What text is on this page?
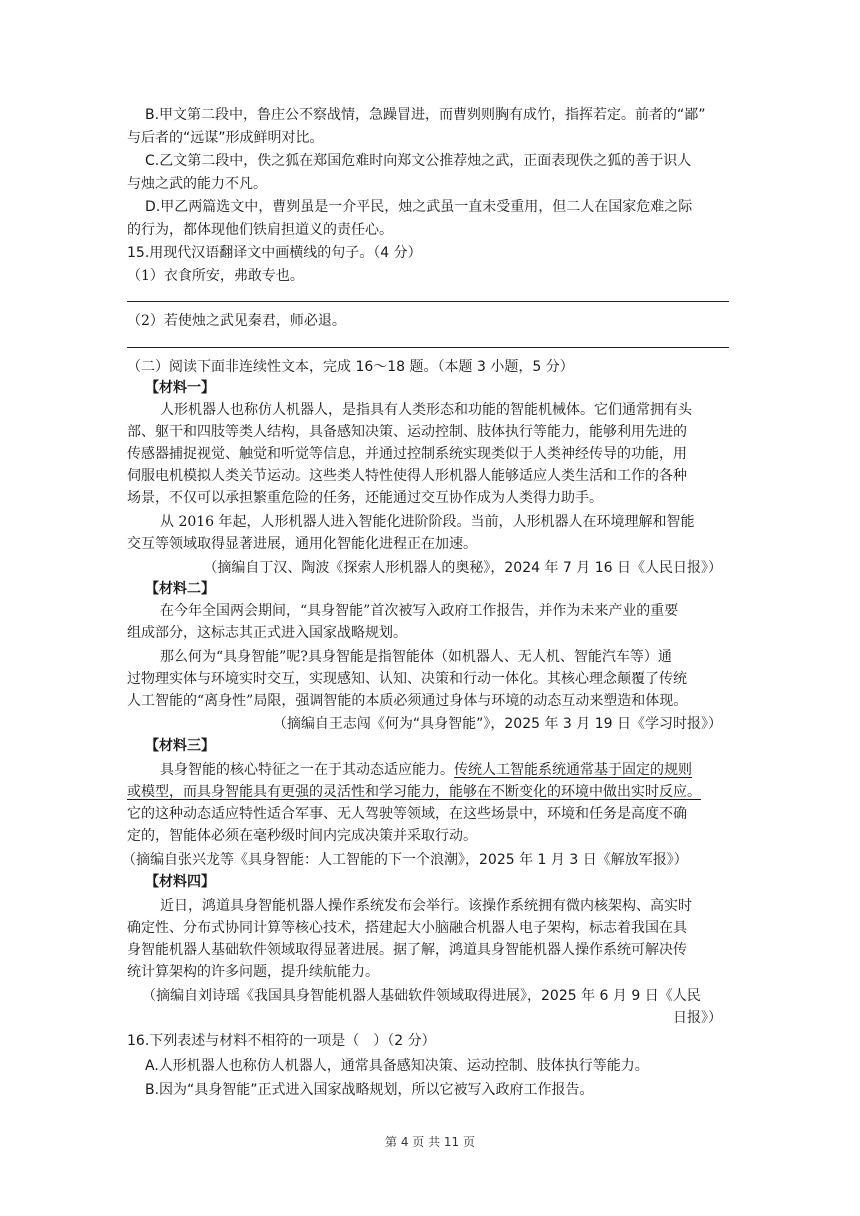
B.甲文第二段中，鲁庄公不察战情，急躁冒进，而曹刿则胸有成竹，指挥若定。前者的“鄙”
与后者的“远谋”形成鲜明对比。
C.乙文第二段中，佚之狐在郑国危难时向郑文公推荐烛之武，正面表现佚之狐的善于识人
与烛之武的能力不凡。
D.甲乙两篇选文中，曹刿虽是一介平民，烛之武虽一直未受重用，但二人在国家危难之际
的行为，都体现他们铁肩担道义的责任心。
15.用现代汉语翻译文中画横线的句子。（4 分）
（1）衣食所安，弗敢专也。
（2）若使烛之武见秦君，师必退。
（二）阅读下面非连续性文本，完成 16～18 题。（本题 3 小题，5 分）
【材料一】
人形机器人也称仿人机器人，是指具有人类形态和功能的智能机械体。它们通常拥有头
部、躯干和四肢等类人结构，具备感知决策、运动控制、肢体执行等能力，能够利用先进的
传感器捕捉视觉、触觉和听觉等信息，并通过控制系统实现类似于人类神经传导的功能，用
伺服电机模拟人类关节运动。这些类人特性使得人形机器人能够适应人类生活和工作的各种
场景，不仅可以承担繁重危险的任务，还能通过交互协作成为人类得力助手。
从 2016 年起，人形机器人进入智能化进阶阶段。当前，人形机器人在环境理解和智能
交互等领域取得显著进展，通用化智能化进程正在加速。
（摘编自丁汉、陶波《探索人形机器人的奥秘》，2024 年 7 月 16 日《人民日报》）
【材料二】
在今年全国两会期间，“具身智能”首次被写入政府工作报告，并作为未来产业的重要
组成部分，这标志其正式进入国家战略规划。
那么何为“具身智能”呢?具身智能是指智能体（如机器人、无人机、智能汽车等）通
过物理实体与环境实时交互，实现感知、认知、决策和行动一体化。其核心理念颠覆了传统
人工智能的“离身性”局限，强调智能的本质必须通过身体与环境的动态互动来塑造和体现。
（摘编自王志闯《何为“具身智能”》，2025 年 3 月 19 日《学习时报》）
【材料三】
具身智能的核心特征之一在于其动态适应能力。传统人工智能系统通常基于固定的规则
或模型，而具身智能具有更强的灵活性和学习能力，能够在不断变化的环境中做出实时反应。
它的这种动态适应特性适合军事、无人驾驶等领域，在这些场景中，环境和任务是高度不确
定的，智能体必须在毫秒级时间内完成决策并采取行动。
（摘编自张兴龙等《具身智能：人工智能的下一个浪潮》，2025 年 1 月 3 日《解放军报》）
【材料四】
近日，鸿道具身智能机器人操作系统发布会举行。该操作系统拥有微内核架构、高实时
确定性、分布式协同计算等核心技术，搭建起大小脑融合机器人电子架构，标志着我国在具
身智能机器人基础软件领域取得显著进展。据了解，鸿道具身智能机器人操作系统可解决传
统计算架构的许多问题，提升续航能力。
（摘编自刘诗瑶《我国具身智能机器人基础软件领域取得进展》，2025 年 6 月 9 日《人民
日报》）
16.下列表述与材料不相符的一项是（　）（2 分）
A.人形机器人也称仿人机器人，通常具备感知决策、运动控制、肢体执行等能力。
B.因为“具身智能”正式进入国家战略规划，所以它被写入政府工作报告。
第 4 页 共 11 页
